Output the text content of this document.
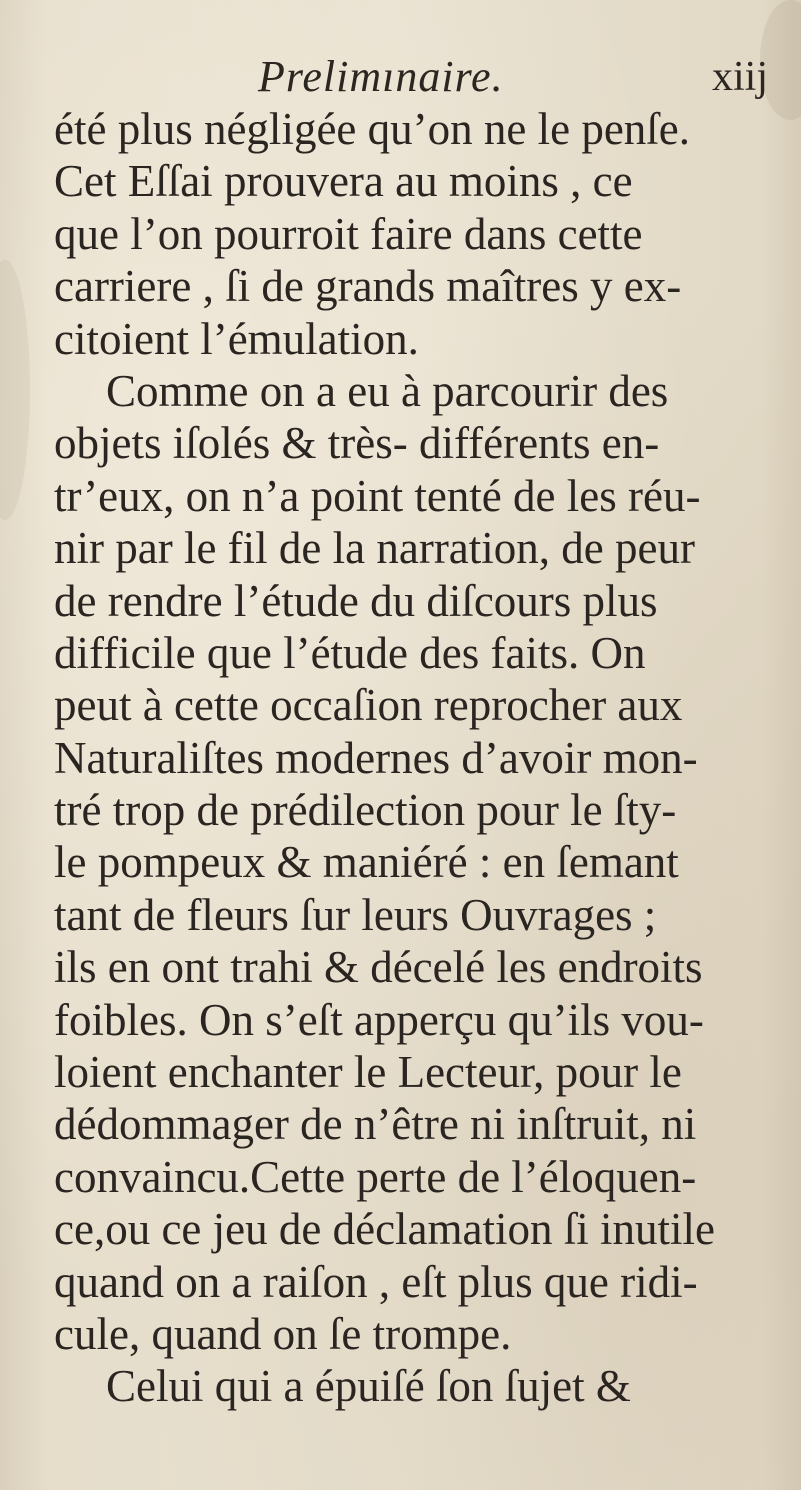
Prelimınaire.	xiij
été plus négligée qu’on ne le penſe.
Cet Eſſai prouvera au moins , ce
que l’on pourroit faire dans cette
carriere , ſi de grands maîtres y ex-
citoient l’émulation.
Comme on a eu à parcourir des
objets iſolés & très- différents en-
tr’eux, on n’a point tenté de les réu-
nir par le fil de la narration, de peur
de rendre l’étude du diſcours plus
difficile que l’étude des faits. On
peut à cette occaſion reprocher aux
Naturaliſtes modernes d’avoir mon-
tré trop de prédilection pour le ſty-
le pompeux & maniéré : en ſemant
tant de fleurs ſur leurs Ouvrages ;
ils en ont trahi & décelé les endroits
foibles. On s’eſt apperçu qu’ils vou-
loient enchanter le Lecteur, pour le
dédommager de n’être ni inſtruit, ni
convaincu.Cette perte de l’éloquen-
ce,ou ce jeu de déclamation ſi inutile
quand on a raiſon , eſt plus que ridi-
cule, quand on ſe trompe.
Celui qui a épuiſé ſon ſujet &
